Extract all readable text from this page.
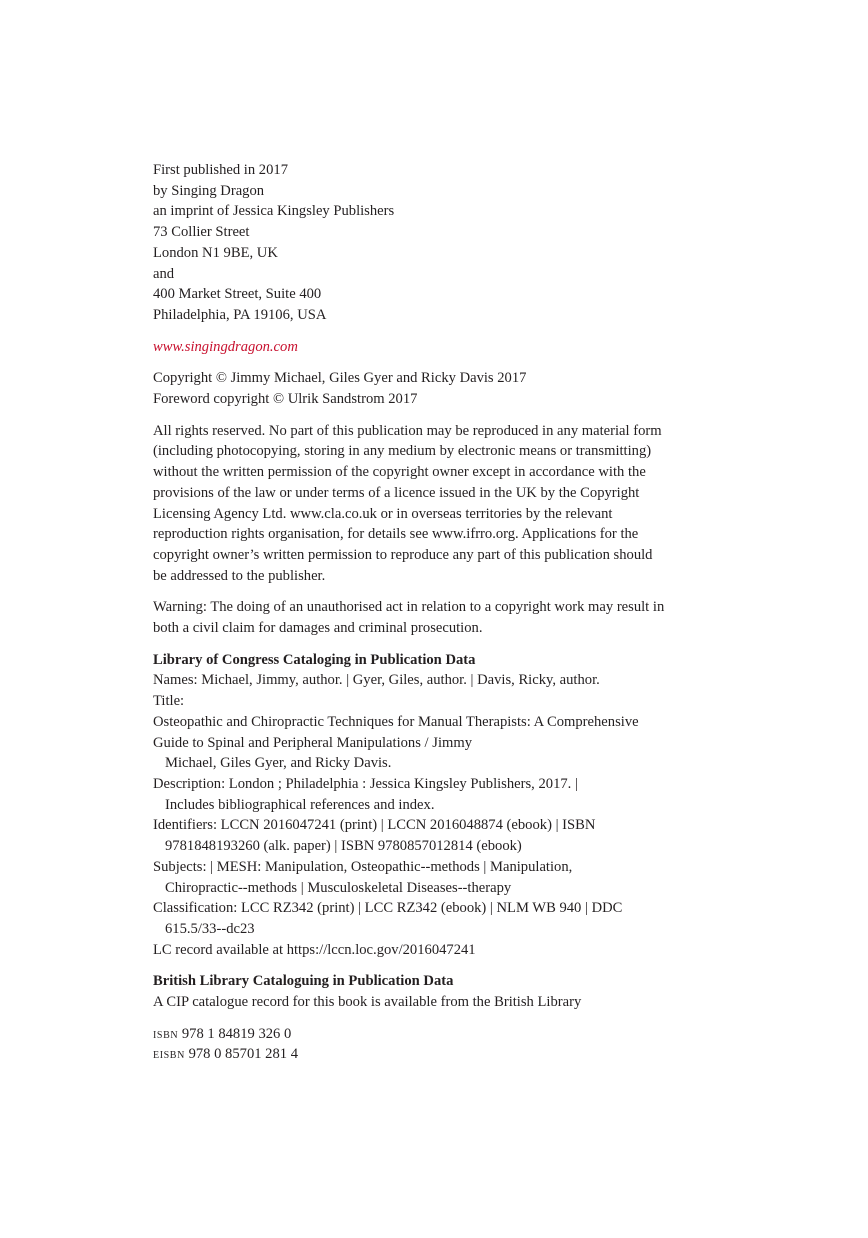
First published in 2017
by Singing Dragon
an imprint of Jessica Kingsley Publishers
73 Collier Street
London N1 9BE, UK
and
400 Market Street, Suite 400
Philadelphia, PA 19106, USA
www.singingdragon.com
Copyright © Jimmy Michael, Giles Gyer and Ricky Davis 2017
Foreword copyright © Ulrik Sandstrom 2017
All rights reserved. No part of this publication may be reproduced in any material form
(including photocopying, storing in any medium by electronic means or transmitting)
without the written permission of the copyright owner except in accordance with the
provisions of the law or under terms of a licence issued in the UK by the Copyright
Licensing Agency Ltd. www.cla.co.uk or in overseas territories by the relevant
reproduction rights organisation, for details see www.ifrro.org. Applications for the
copyright owner’s written permission to reproduce any part of this publication should
be addressed to the publisher.
Warning: The doing of an unauthorised act in relation to a copyright work may result in
both a civil claim for damages and criminal prosecution.
Library of Congress Cataloging in Publication Data
Names: Michael, Jimmy, author. | Gyer, Giles, author. | Davis, Ricky, author.
Title:
Osteopathic and Chiropractic Techniques for Manual Therapists: A Comprehensive
Guide to Spinal and Peripheral Manipulations / Jimmy
Michael, Giles Gyer, and Ricky Davis.
Description: London ; Philadelphia : Jessica Kingsley Publishers, 2017. |
Includes bibliographical references and index.
Identifiers: LCCN 2016047241 (print) | LCCN 2016048874 (ebook) | ISBN
9781848193260 (alk. paper) | ISBN 9780857012814 (ebook)
Subjects: | MESH: Manipulation, Osteopathic--methods | Manipulation,
Chiropractic--methods | Musculoskeletal Diseases--therapy
Classification: LCC RZ342 (print) | LCC RZ342 (ebook) | NLM WB 940 | DDC
615.5/33--dc23
LC record available at https://lccn.loc.gov/2016047241
British Library Cataloguing in Publication Data
A CIP catalogue record for this book is available from the British Library
isbn 978 1 84819 326 0
eisbn 978 0 85701 281 4
